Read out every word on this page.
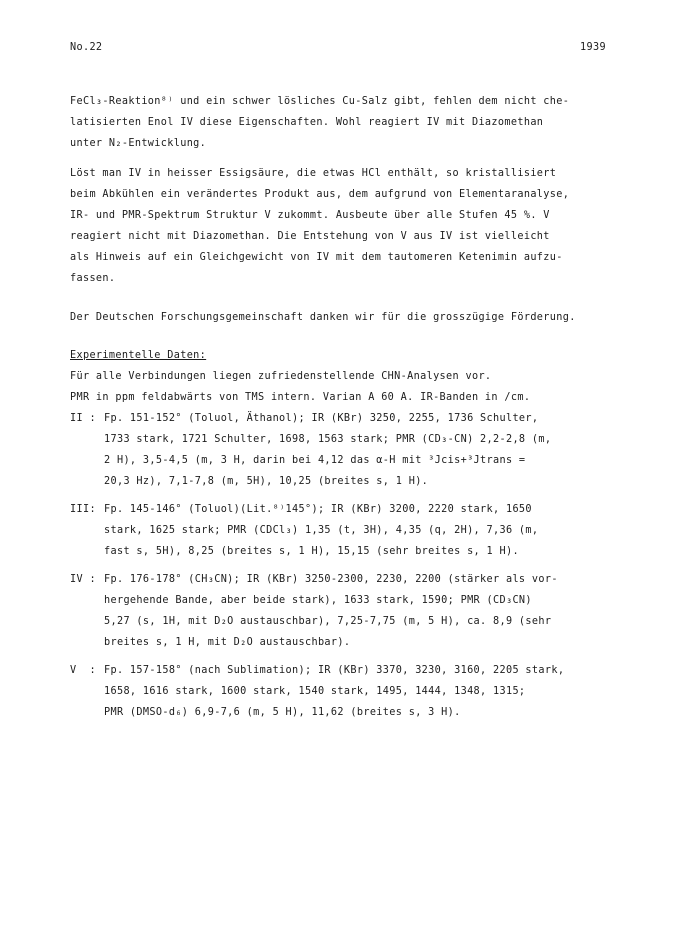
No.22	1939
FeCl₃-Reaktion⁸⁾ und ein schwer lösliches Cu-Salz gibt, fehlen dem nicht che-
latisierten Enol IV diese Eigenschaften. Wohl reagiert IV mit Diazomethan
unter N₂-Entwicklung.
Löst man IV in heisser Essigsäure, die etwas HCl enthält, so kristallisiert
beim Abkühlen ein verändertes Produkt aus, dem aufgrund von Elementaranalyse,
IR- und PMR-Spektrum Struktur V zukommt. Ausbeute über alle Stufen 45 %. V
reagiert nicht mit Diazomethan. Die Entstehung von V aus IV ist vielleicht
als Hinweis auf ein Gleichgewicht von IV mit dem tautomeren Ketenimin aufzu-
fassen.
Der Deutschen Forschungsgemeinschaft danken wir für die grosszügige Förderung.
Experimentelle Daten:
Für alle Verbindungen liegen zufriedenstellende CHN-Analysen vor.
PMR in ppm feldabwärts von TMS intern. Varian A 60 A. IR-Banden in /cm.
II : Fp. 151-152° (Toluol, Äthanol); IR (KBr) 3250, 2255, 1736 Schulter,
1733 stark, 1721 Schulter, 1698, 1563 stark; PMR (CD₃-CN) 2,2-2,8 (m,
2 H), 3,5-4,5 (m, 3 H, darin bei 4,12 das α-H mit ³Jcis+³Jtrans =
20,3 Hz), 7,1-7,8 (m, 5H), 10,25 (breites s, 1 H).
III: Fp. 145-146° (Toluol)(Lit.⁸⁾145°); IR (KBr) 3200, 2220 stark, 1650
stark, 1625 stark; PMR (CDCl₃) 1,35 (t, 3H), 4,35 (q, 2H), 7,36 (m,
fast s, 5H), 8,25 (breites s, 1 H), 15,15 (sehr breites s, 1 H).
IV : Fp. 176-178° (CH₃CN); IR (KBr) 3250-2300, 2230, 2200 (stärker als vor-
hergehende Bande, aber beide stark), 1633 stark, 1590; PMR (CD₃CN)
5,27 (s, 1H, mit D₂O austauschbar), 7,25-7,75 (m, 5 H), ca. 8,9 (sehr
breites s, 1 H, mit D₂O austauschbar).
V  : Fp. 157-158° (nach Sublimation); IR (KBr) 3370, 3230, 3160, 2205 stark,
1658, 1616 stark, 1600 stark, 1540 stark, 1495, 1444, 1348, 1315;
PMR (DMSO-d₆) 6,9-7,6 (m, 5 H), 11,62 (breites s, 3 H).
